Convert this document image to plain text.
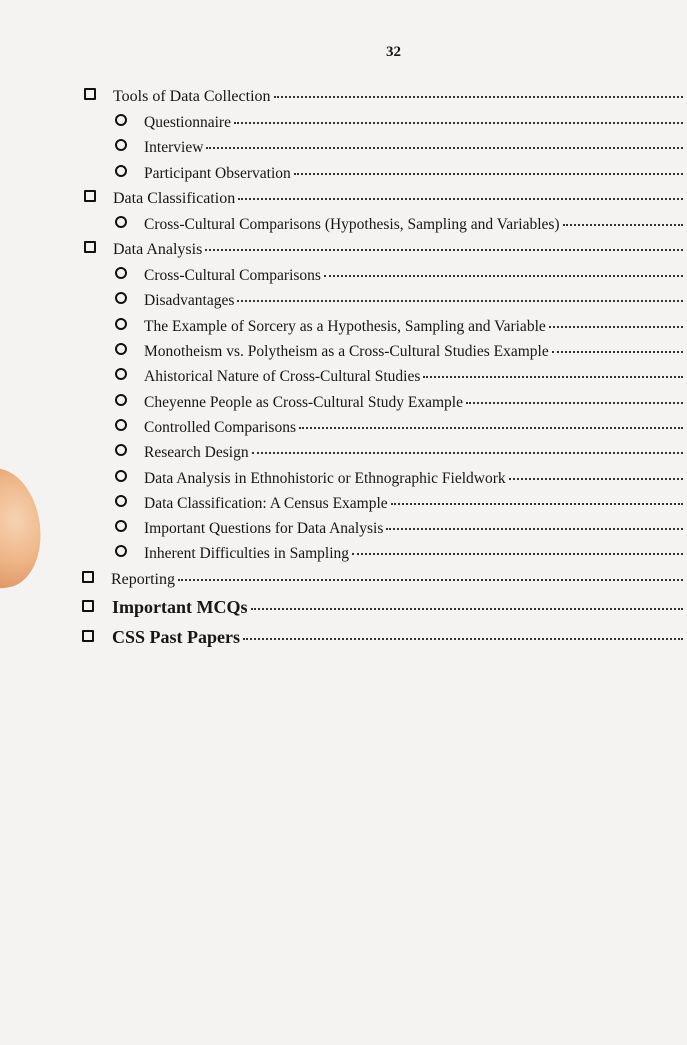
32
Tools of Data Collection
Questionnaire
Interview
Participant Observation
Data Classification
Cross-Cultural Comparisons (Hypothesis, Sampling and Variables)
Data Analysis
Cross-Cultural Comparisons
Disadvantages
The Example of Sorcery as a Hypothesis, Sampling and Variable
Monotheism vs. Polytheism as a Cross-Cultural Studies Example
Ahistorical Nature of Cross-Cultural Studies
Cheyenne People as Cross-Cultural Study Example
Controlled Comparisons
Research Design
Data Analysis in Ethnohistoric or Ethnographic Fieldwork
Data Classification: A Census Example
Important Questions for Data Analysis
Inherent Difficulties in Sampling
Reporting
Important MCQs
CSS Past Papers
